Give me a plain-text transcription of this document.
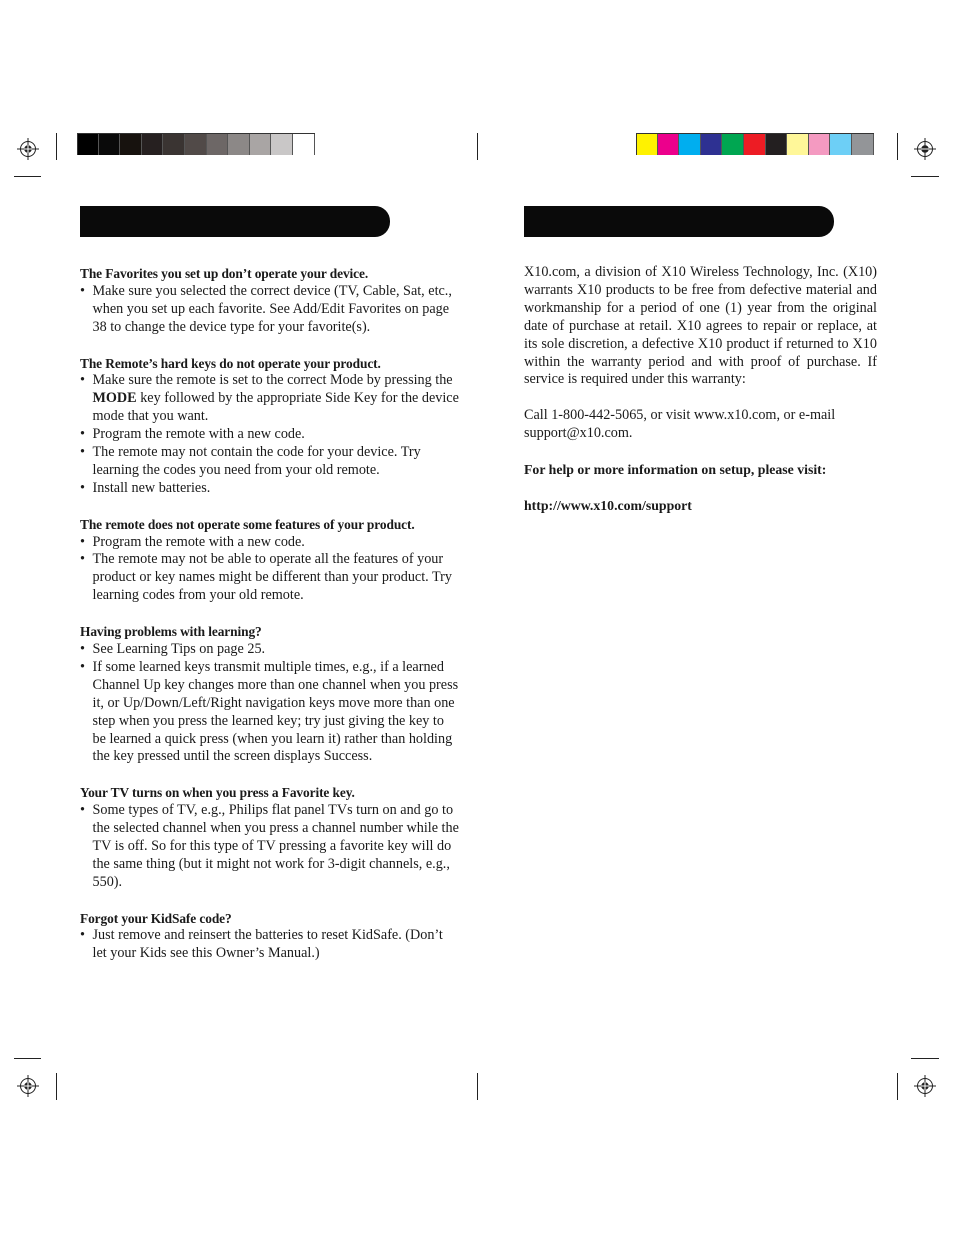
The Favorites you set up don’t operate your device.
• Make sure you selected the correct device (TV, Cable, Sat, etc., when you set up each favorite. See Add/Edit Favorites on page 38 to change the device type for your favorite(s).
The Remote’s hard keys do not operate your product.
• Make sure the remote is set to the correct Mode by pressing the MODE key followed by the appropriate Side Key for the device mode that you want.
• Program the remote with a new code.
• The remote may not contain the code for your device. Try learning the codes you need from your old remote.
• Install new batteries.
The remote does not operate some features of your product.
• Program the remote with a new code.
• The remote may not be able to operate all the features of your product or key names might be different than your product. Try learning codes from your old remote.
Having problems with learning?
• See Learning Tips on page 25.
• If some learned keys transmit multiple times, e.g., if a learned Channel Up key changes more than one channel when you press it, or Up/Down/Left/Right navigation keys move more than one step when you press the learned key; try just giving the key to be learned a quick press (when you learn it) rather than holding the key pressed until the screen displays Success.
Your TV turns on when you press a Favorite key.
• Some types of TV, e.g., Philips flat panel TVs turn on and go to the selected channel when you press a channel number while the TV is off. So for this type of TV pressing a favorite key will do the same thing (but it might not work for 3-digit channels, e.g., 550).
Forgot your KidSafe code?
• Just remove and reinsert the batteries to reset KidSafe. (Don’t let your Kids see this Owner’s Manual.)

X10.com, a division of X10 Wireless Technology, Inc. (X10) warrants X10 products to be free from defective material and workmanship for a period of one (1) year from the original date of purchase at retail. X10 agrees to repair or replace, at its sole discretion, a defective X10 product if returned to X10 within the warranty period and with proof of purchase. If service is required under this warranty:

Call 1-800-442-5065, or visit www.x10.com, or e-mail support@x10.com.

For help or more information on setup, please visit:

http://www.x10.com/support
